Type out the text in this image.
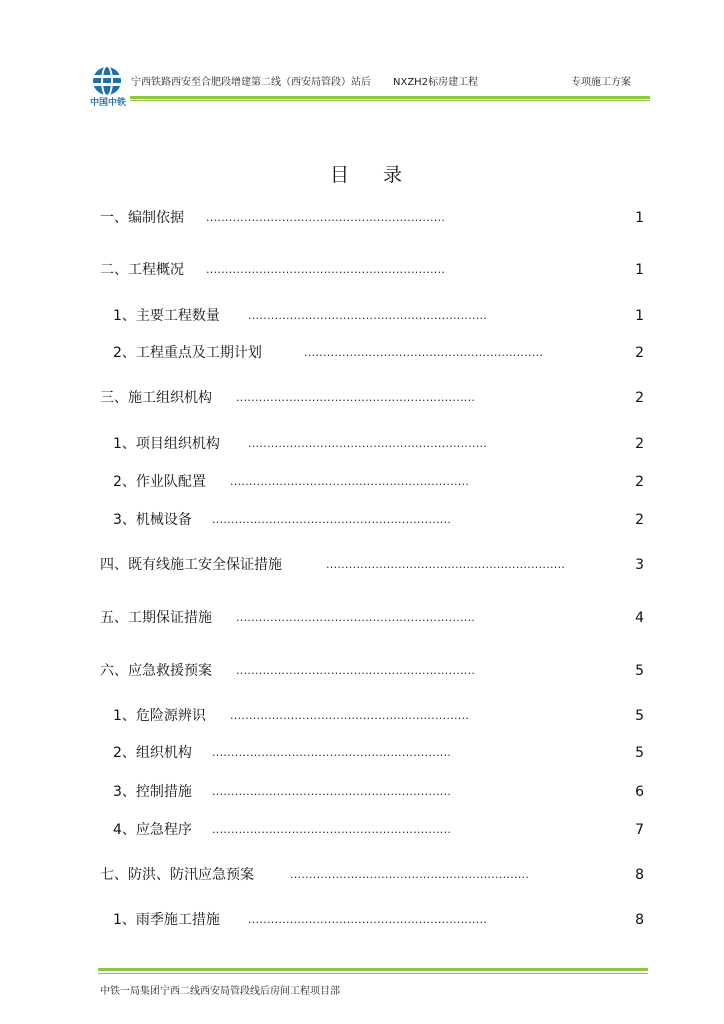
中国中铁
宁西铁路西安至合肥段增建第二线（西安局管段）站后 NXZH2标房建工程	专项施工方案
目录
一、编制依据 ...............................................................	1
二、工程概况 ...............................................................	1
1、主要工程数量	...............................................................	1
2、工程重点及工期计划	...............................................................	2
三、施工组织机构 ...............................................................	2
1、项目组织机构	...............................................................	2
2、作业队配置 ...............................................................	2
3、机械设备 ...............................................................	2
四、既有线施工安全保证措施	...............................................................	3
五、工期保证措施 ...............................................................	4
六、应急救援预案 ...............................................................	5
1、危险源辨识 ...............................................................	5
2、组织机构 ...............................................................	5
3、控制措施 ...............................................................	6
4、应急程序 ...............................................................	7
七、防洪、防汛应急预案	...............................................................	8
1、雨季施工措施	...............................................................	8
中铁一局集团宁西二线西安局管段线后房间工程项目部
